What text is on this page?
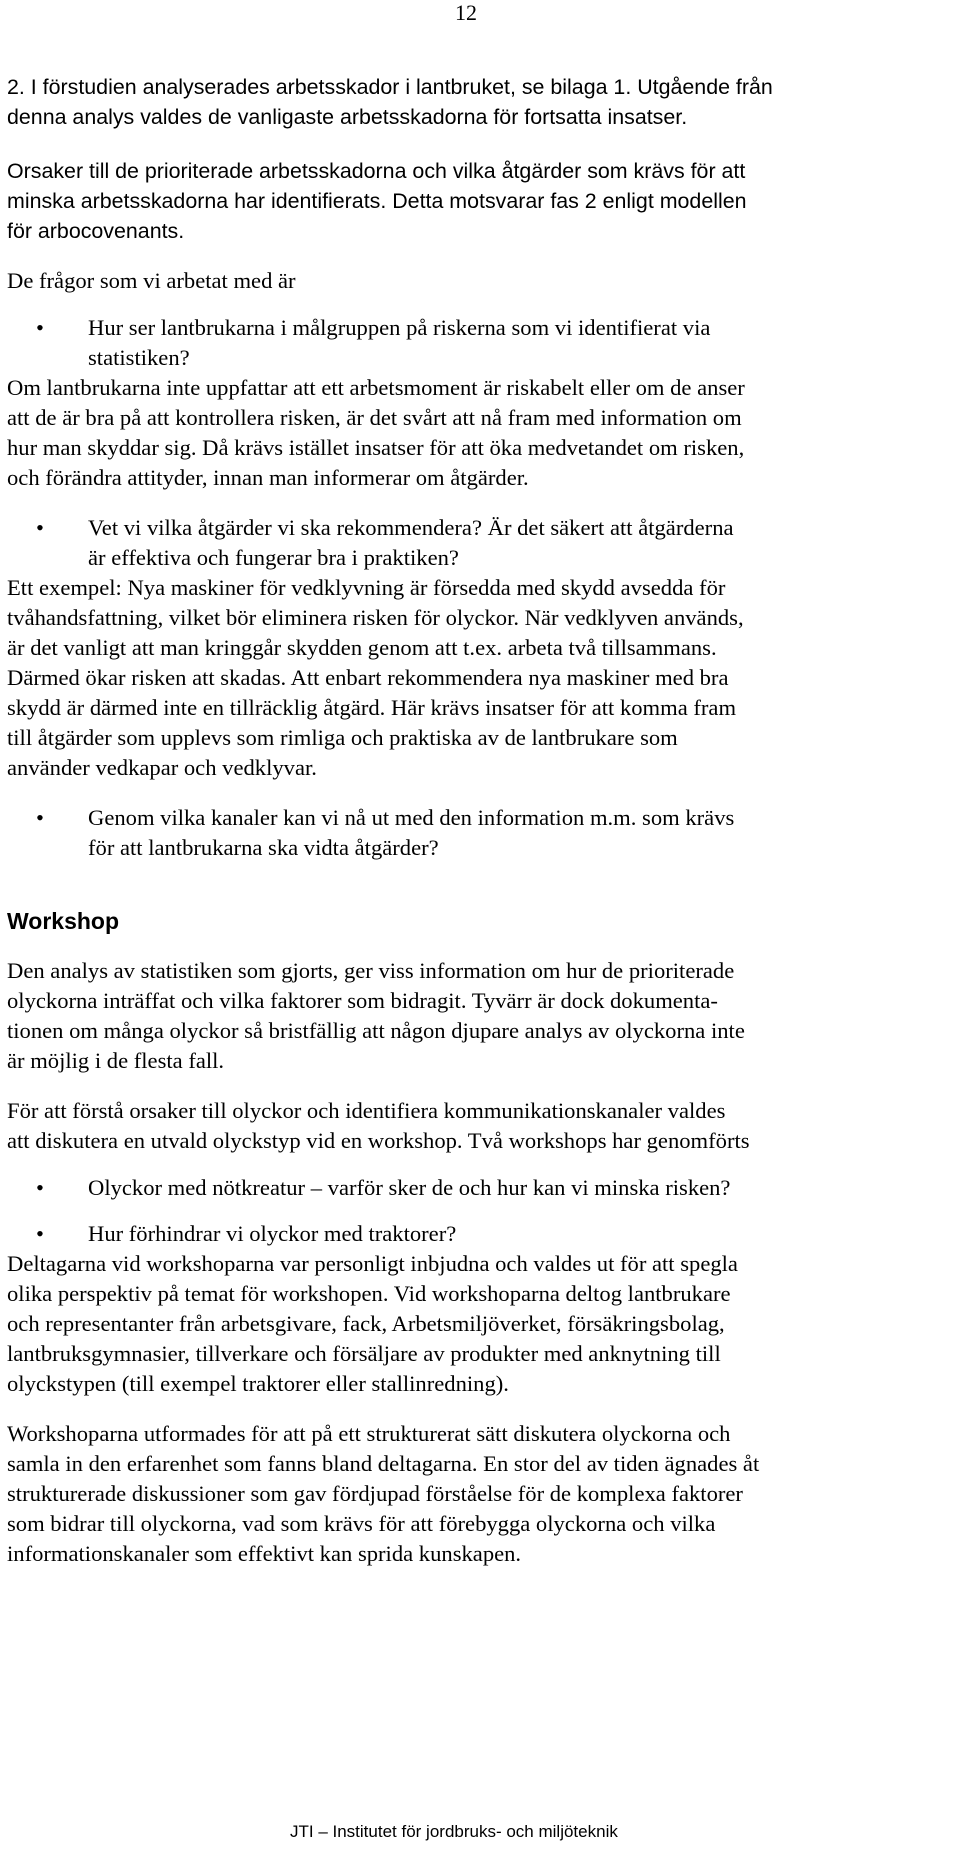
12

2. I förstudien analyserades arbetsskador i lantbruket, se bilaga 1. Utgående från
denna analys valdes de vanligaste arbetsskadorna för fortsatta insatser.

Orsaker till de prioriterade arbetsskadorna och vilka åtgärder som krävs för att
minska arbetsskadorna har identifierats. Detta motsvarar fas 2 enligt modellen
för arbocovenants.

De frågor som vi arbetat med är

• Hur ser lantbrukarna i målgruppen på riskerna som vi identifierat via
statistiken?

Om lantbrukarna inte uppfattar att ett arbetsmoment är riskabelt eller om de anser
att de är bra på att kontrollera risken, är det svårt att nå fram med information om
hur man skyddar sig. Då krävs istället insatser för att öka medvetandet om risken,
och förändra attityder, innan man informerar om åtgärder.

• Vet vi vilka åtgärder vi ska rekommendera? Är det säkert att åtgärderna
är effektiva och fungerar bra i praktiken?

Ett exempel: Nya maskiner för vedklyvning är försedda med skydd avsedda för
tvåhandsfattning, vilket bör eliminera risken för olyckor. När vedklyven används,
är det vanligt att man kringgår skydden genom att t.ex. arbeta två tillsammans.
Därmed ökar risken att skadas. Att enbart rekommendera nya maskiner med bra
skydd är därmed inte en tillräcklig åtgärd. Här krävs insatser för att komma fram
till åtgärder som upplevs som rimliga och praktiska av de lantbrukare som
använder vedkapar och vedklyvar.

• Genom vilka kanaler kan vi nå ut med den information m.m. som krävs
för att lantbrukarna ska vidta åtgärder?
Workshop

Den analys av statistiken som gjorts, ger viss information om hur de prioriterade
olyckorna inträffat och vilka faktorer som bidragit. Tyvärr är dock dokumenta-
tionen om många olyckor så bristfällig att någon djupare analys av olyckorna inte
är möjlig i de flesta fall.

För att förstå orsaker till olyckor och identifiera kommunikationskanaler valdes
att diskutera en utvald olyckstyp vid en workshop. Två workshops har genomförts

• Olyckor med nötkreatur – varför sker de och hur kan vi minska risken?
• Hur förhindrar vi olyckor med traktorer?

Deltagarna vid workshoparna var personligt inbjudna och valdes ut för att spegla
olika perspektiv på temat för workshopen. Vid workshoparna deltog lantbrukare
och representanter från arbetsgivare, fack, Arbetsmiljöverket, försäkringsbolag,
lantbruksgymnasier, tillverkare och försäljare av produkter med anknytning till
olyckstypen (till exempel traktorer eller stallinredning).

Workshoparna utformades för att på ett strukturerat sätt diskutera olyckorna och
samla in den erfarenhet som fanns bland deltagarna. En stor del av tiden ägnades åt
strukturerade diskussioner som gav fördjupad förståelse för de komplexa faktorer
som bidrar till olyckorna, vad som krävs för att förebygga olyckorna och vilka
informationskanaler som effektivt kan sprida kunskapen.

JTI – Institutet för jordbruks- och miljöteknik
